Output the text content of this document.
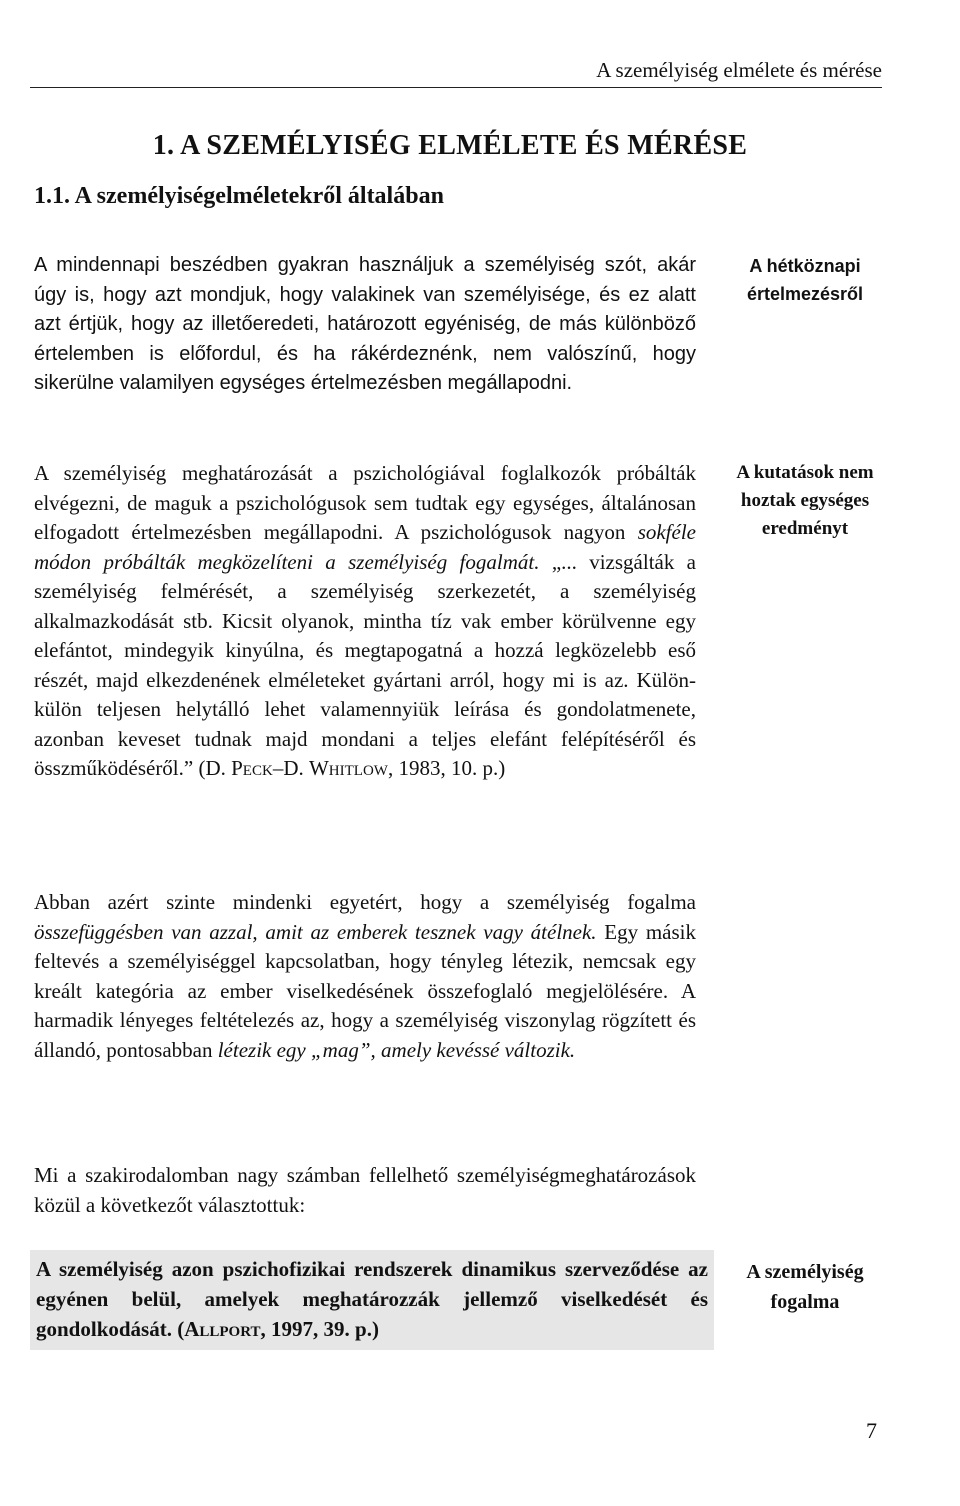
A személyiség elmélete és mérése
1. A SZEMÉLYISÉG ELMÉLETE ÉS MÉRÉSE
1.1. A személyiségelméletekről általában

A mindennapi beszédben gyakran használjuk a személyiség szót, akár úgy is, hogy azt mondjuk, hogy valakinek van személyisége, és ez alatt azt értjük, hogy az illetőeredeti, határozott egyéniség, de más különböző értelemben is előfordul, és ha rákérdeznénk, nem valószínű, hogy sikerülne valamilyen egységes értelmezésben megállapodni.

A hétköznapi értelmezésről

A személyiség meghatározását a pszichológiával foglalkozók próbálták elvégezni, de maguk a pszichológusok sem tudtak egy egységes, általánosan elfogadott értelmezésben megállapodni. A pszichológusok nagyon sokféle módon próbálták megközelíteni a személyiség fogalmát. „... vizsgálták a személyiség felmérését, a személyiség szerkezetét, a személyiség alkalmazkodását stb. Kicsit olyanok, mintha tíz vak ember körülvenne egy elefántot, mindegyik kinyúlna, és megtapogatná a hozzá legközelebb eső részét, majd elkezdenének elméleteket gyártani arról, hogy mi is az. Külön-külön teljesen helytálló lehet valamennyiük leírása és gondolatmenete, azonban keveset tudnak majd mondani a teljes elefánt felépítéséről és összműködéséről.” (D. Peck–D. Whitlow, 1983, 10. p.)

A kutatások nem hoztak egységes eredményt

Abban azért szinte mindenki egyetért, hogy a személyiség fogalma összefüggésben van azzal, amit az emberek tesznek vagy átélnek. Egy másik feltevés a személyiséggel kapcsolatban, hogy tényleg létezik, nemcsak egy kreált kategória az ember viselkedésének összefoglaló megjelölésére. A harmadik lényeges feltételezés az, hogy a személyiség viszonylag rögzített és állandó, pontosabban létezik egy „mag”, amely kevéssé változik.

Mi a szakirodalomban nagy számban fellelhető személyiségmeghatározások közül a következőt választottuk:

A személyiség azon pszichofizikai rendszerek dinamikus szerveződése az egyénen belül, amelyek meghatározzák jellemző viselkedését és gondolkodását. (Allport, 1997, 39. p.)
A személyiség fogalma
7
